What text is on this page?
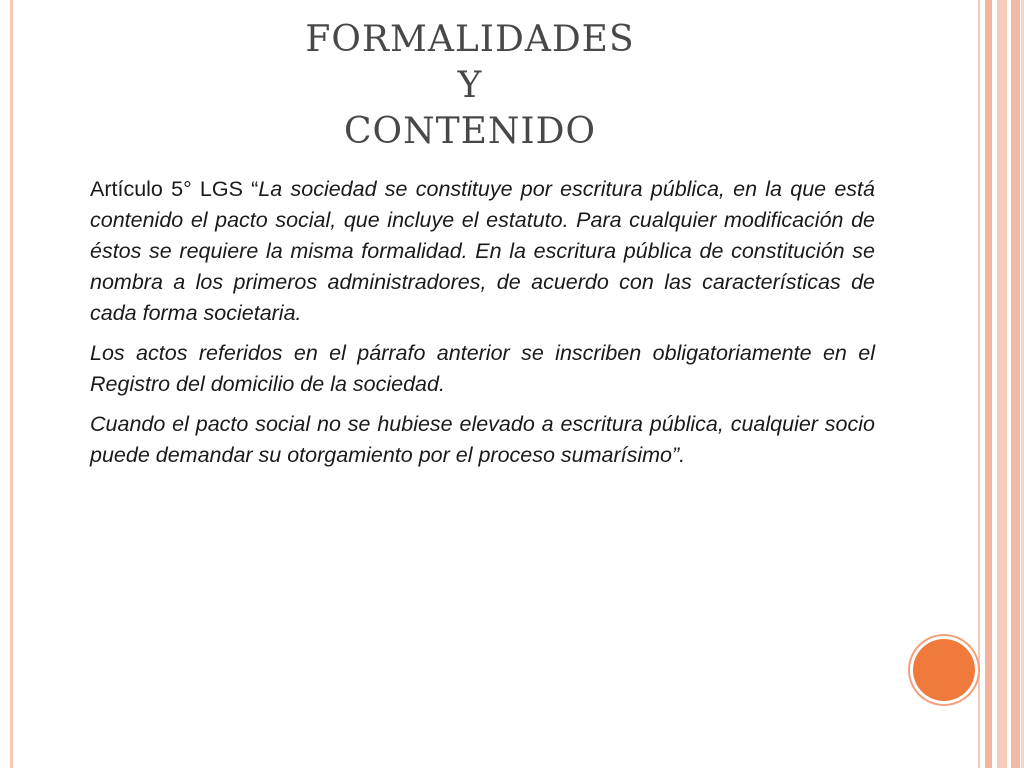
FORMALIDADES
Y
CONTENIDO

Artículo 5° LGS “La sociedad se constituye por escritura pública, en la que está contenido el pacto social, que incluye el estatuto. Para cualquier modificación de éstos se requiere la misma formalidad. En la escritura pública de constitución se nombra a los primeros administradores, de acuerdo con las características de cada forma societaria.

Los actos referidos en el párrafo anterior se inscriben obligatoriamente en el Registro del domicilio de la sociedad.

Cuando el pacto social no se hubiese elevado a escritura pública, cualquier socio puede demandar su otorgamiento por el proceso sumarísimo”.
